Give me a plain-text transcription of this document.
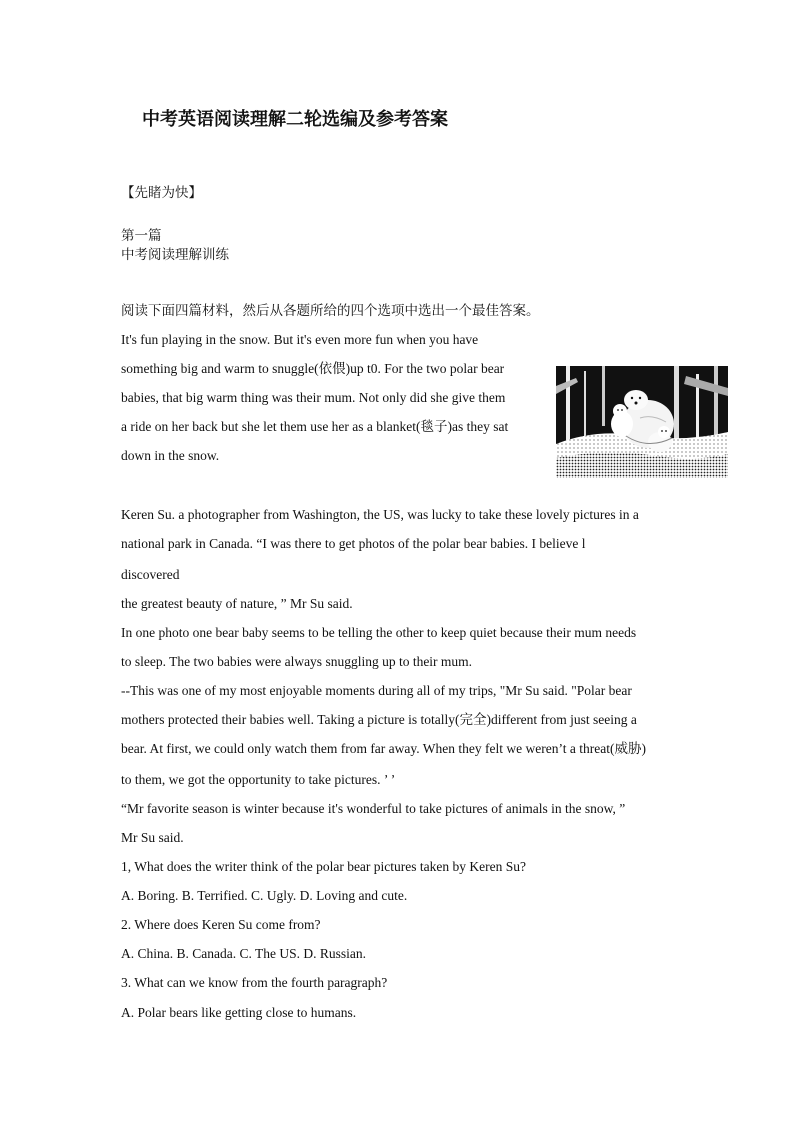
中考英语阅读理解二轮选编及参考答案
【先睹为快】
第一篇
中考阅读理解训练
阅读下面四篇材料，然后从各题所给的四个选项中选出一个最佳答案。
It's fun playing in the snow. But it's even more fun when you have
something big and warm to snuggle(依偎)up t0. For the two polar bear
babies, that big warm thing was their mum. Not only did she give them
a ride on her back but she let them use her as a blanket(毯子)as they sat
down in the snow.
Keren Su. a photographer from Washington, the US, was lucky to take these lovely pictures in a
national park in Canada. “I was there to get photos of the polar bear babies. I believe l
discovered
the greatest beauty of nature, ” Mr Su said.
In one photo one bear baby seems to be telling the other to keep quiet because their mum needs
to sleep. The two babies were always snuggling up to their mum.
--This was one of my most enjoyable moments during all of my trips, "Mr Su said. "Polar bear
mothers protected their babies well. Taking a picture is totally(完全)different from just seeing a
bear. At first, we could only watch them from far away. When they felt we weren’t a threat(威胁)
to them, we got the opportunity to take pictures. ’ ’
“Mr favorite season is winter because it's wonderful to take pictures of animals in the snow, ”
Mr Su said.
1, What does the writer think of the polar bear pictures taken by Keren Su?
A. Boring. B. Terrified. C. Ugly. D. Loving and cute.
2. Where does Keren Su come from?
A. China. B. Canada. C. The US. D. Russian.
3. What can we know from the fourth paragraph?
A. Polar bears like getting close to humans.
